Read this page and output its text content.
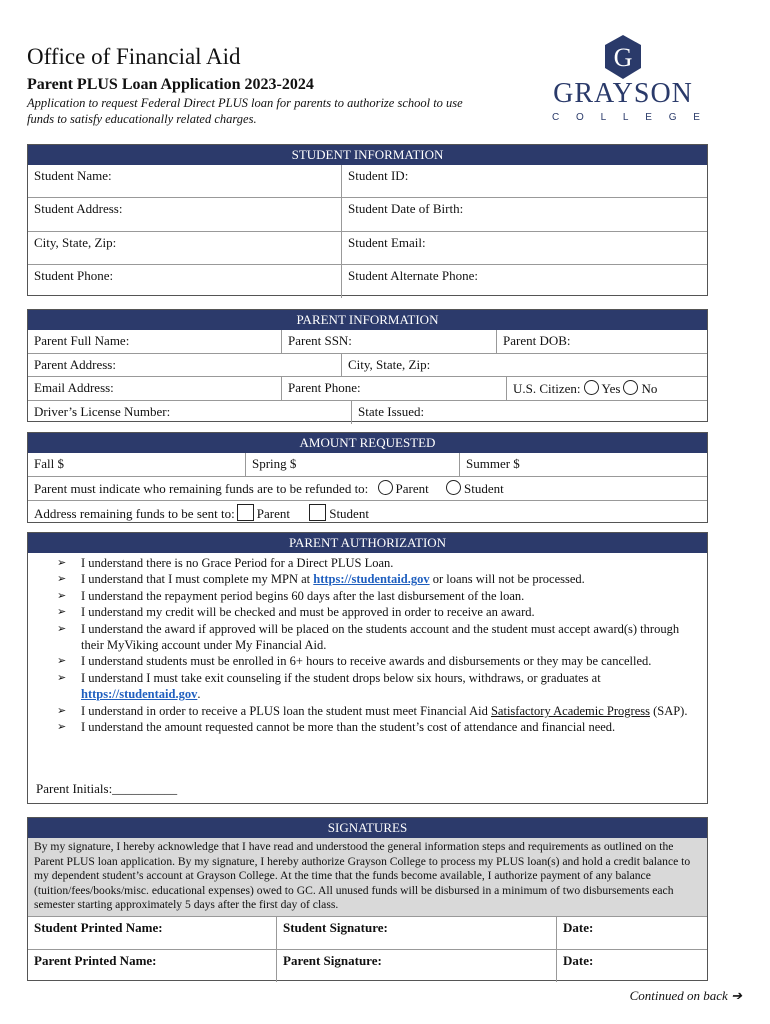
Office of Financial Aid
Parent PLUS Loan Application 2023-2024
Application to request Federal Direct PLUS loan for parents to authorize school to use funds to satisfy educationally related charges.
G
GRAYSON
C O L L E G E
STUDENT INFORMATION
Student Name:	Student ID:
Student Address:	Student Date of Birth:
City, State, Zip:	Student Email:
Student Phone:	Student Alternate Phone:
PARENT INFORMATION
Parent Full Name:	Parent SSN:	Parent DOB:
Parent Address:	City, State, Zip:
Email Address:	Parent Phone:	U.S. Citizen: Yes No
Driver’s License Number:	State Issued:
AMOUNT REQUESTED
Fall $	Spring $	Summer $
Parent must indicate who remaining funds are to be refunded to: Parent	Student
Address remaining funds to be sent to: Parent	Student
PARENT AUTHORIZATION
➢ I understand there is no Grace Period for a Direct PLUS Loan.
➢ I understand that I must complete my MPN at https://studentaid.gov or loans will not be processed.
➢ I understand the repayment period begins 60 days after the last disbursement of the loan.
➢ I understand my credit will be checked and must be approved in order to receive an award.
➢ I understand the award if approved will be placed on the students account and the student must accept award(s) through their MyViking account under My Financial Aid.
➢ I understand students must be enrolled in 6+ hours to receive awards and disbursements or they may be cancelled.
➢ I understand I must take exit counseling if the student drops below six hours, withdraws, or graduates at https://studentaid.gov.
➢ I understand in order to receive a PLUS loan the student must meet Financial Aid Satisfactory Academic Progress (SAP).
➢ I understand the amount requested cannot be more than the student’s cost of attendance and financial need.
Parent Initials:__________
SIGNATURES
By my signature, I hereby acknowledge that I have read and understood the general information steps and requirements as outlined on the Parent PLUS loan application. By my signature, I hereby authorize Grayson College to process my PLUS loan(s) and hold a credit balance to my dependent student’s account at Grayson College. At the time that the funds become available, I authorize payment of any balance (tuition/fees/books/misc. educational expenses) owed to GC. All unused funds will be disbursed in a minimum of two disbursements each semester starting approximately 5 days after the first day of class.
Student Printed Name:	Student Signature:	Date:
Parent Printed Name:	Parent Signature:	Date:
Continued on back ➔
